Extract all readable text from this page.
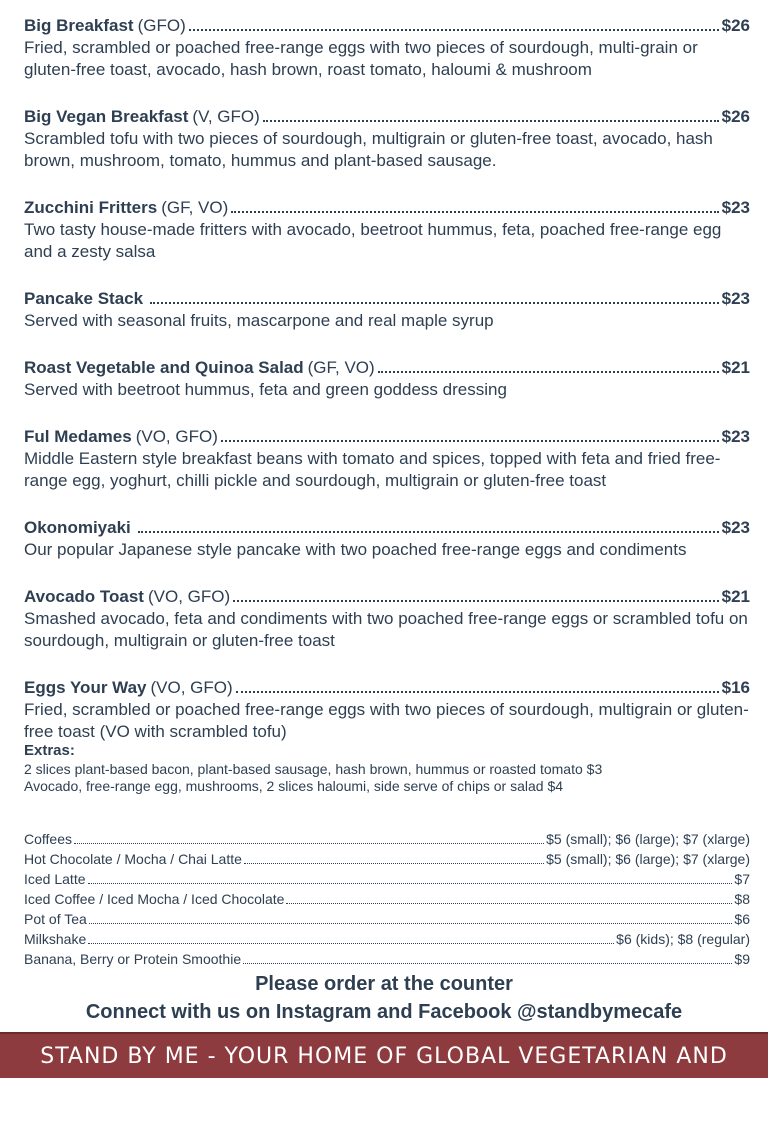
Big Breakfast (GFO)	$26

Fried, scrambled or poached free-range eggs with two pieces of sourdough, multi-grain or gluten-free toast, avocado, hash brown, roast tomato, haloumi & mushroom

Big Vegan Breakfast (V, GFO)	$26

Scrambled tofu with two pieces of sourdough, multigrain or gluten-free toast, avocado, hash brown, mushroom, tomato, hummus and plant-based sausage.

Zucchini Fritters (GF, VO)	$23

Two tasty house-made fritters with avocado, beetroot hummus, feta, poached free-range egg and a zesty salsa

Pancake Stack	$23

Served with seasonal fruits, mascarpone and real maple syrup

Roast Vegetable and Quinoa Salad (GF, VO)	$21

Served with beetroot hummus, feta and green goddess dressing

Ful Medames (VO, GFO)	$23

Middle Eastern style breakfast beans with tomato and spices, topped with feta and fried free-range egg, yoghurt, chilli pickle and sourdough, multigrain or gluten-free toast

Okonomiyaki	$23

Our popular Japanese style pancake with two poached free-range eggs and condiments

Avocado Toast (VO, GFO)	$21

Smashed avocado, feta and condiments with two poached free-range eggs or scrambled tofu on sourdough, multigrain or gluten-free toast

Eggs Your Way (VO, GFO)	$16

Fried, scrambled or poached free-range eggs with two pieces of sourdough, multigrain or gluten-free toast (VO with scrambled tofu)

Extras:
2 slices plant-based bacon, plant-based sausage, hash brown, hummus or roasted tomato $3
Avocado, free-range egg, mushrooms, 2 slices haloumi, side serve of chips or salad $4
Coffees	$5 (small); $6 (large); $7 (xlarge)
Hot Chocolate / Mocha / Chai Latte	$5 (small); $6 (large); $7 (xlarge)
Iced Latte	$7
Iced Coffee / Iced Mocha / Iced Chocolate	$8
Pot of Tea	$6
Milkshake	$6 (kids); $8 (regular)
Banana, Berry or Protein Smoothie	$9
Please order at the counter
Connect with us on Instagram and Facebook @standbymecafe
STAND BY ME - YOUR HOME OF GLOBAL VEGETARIAN AND VEGAN COMFORT FOOD
